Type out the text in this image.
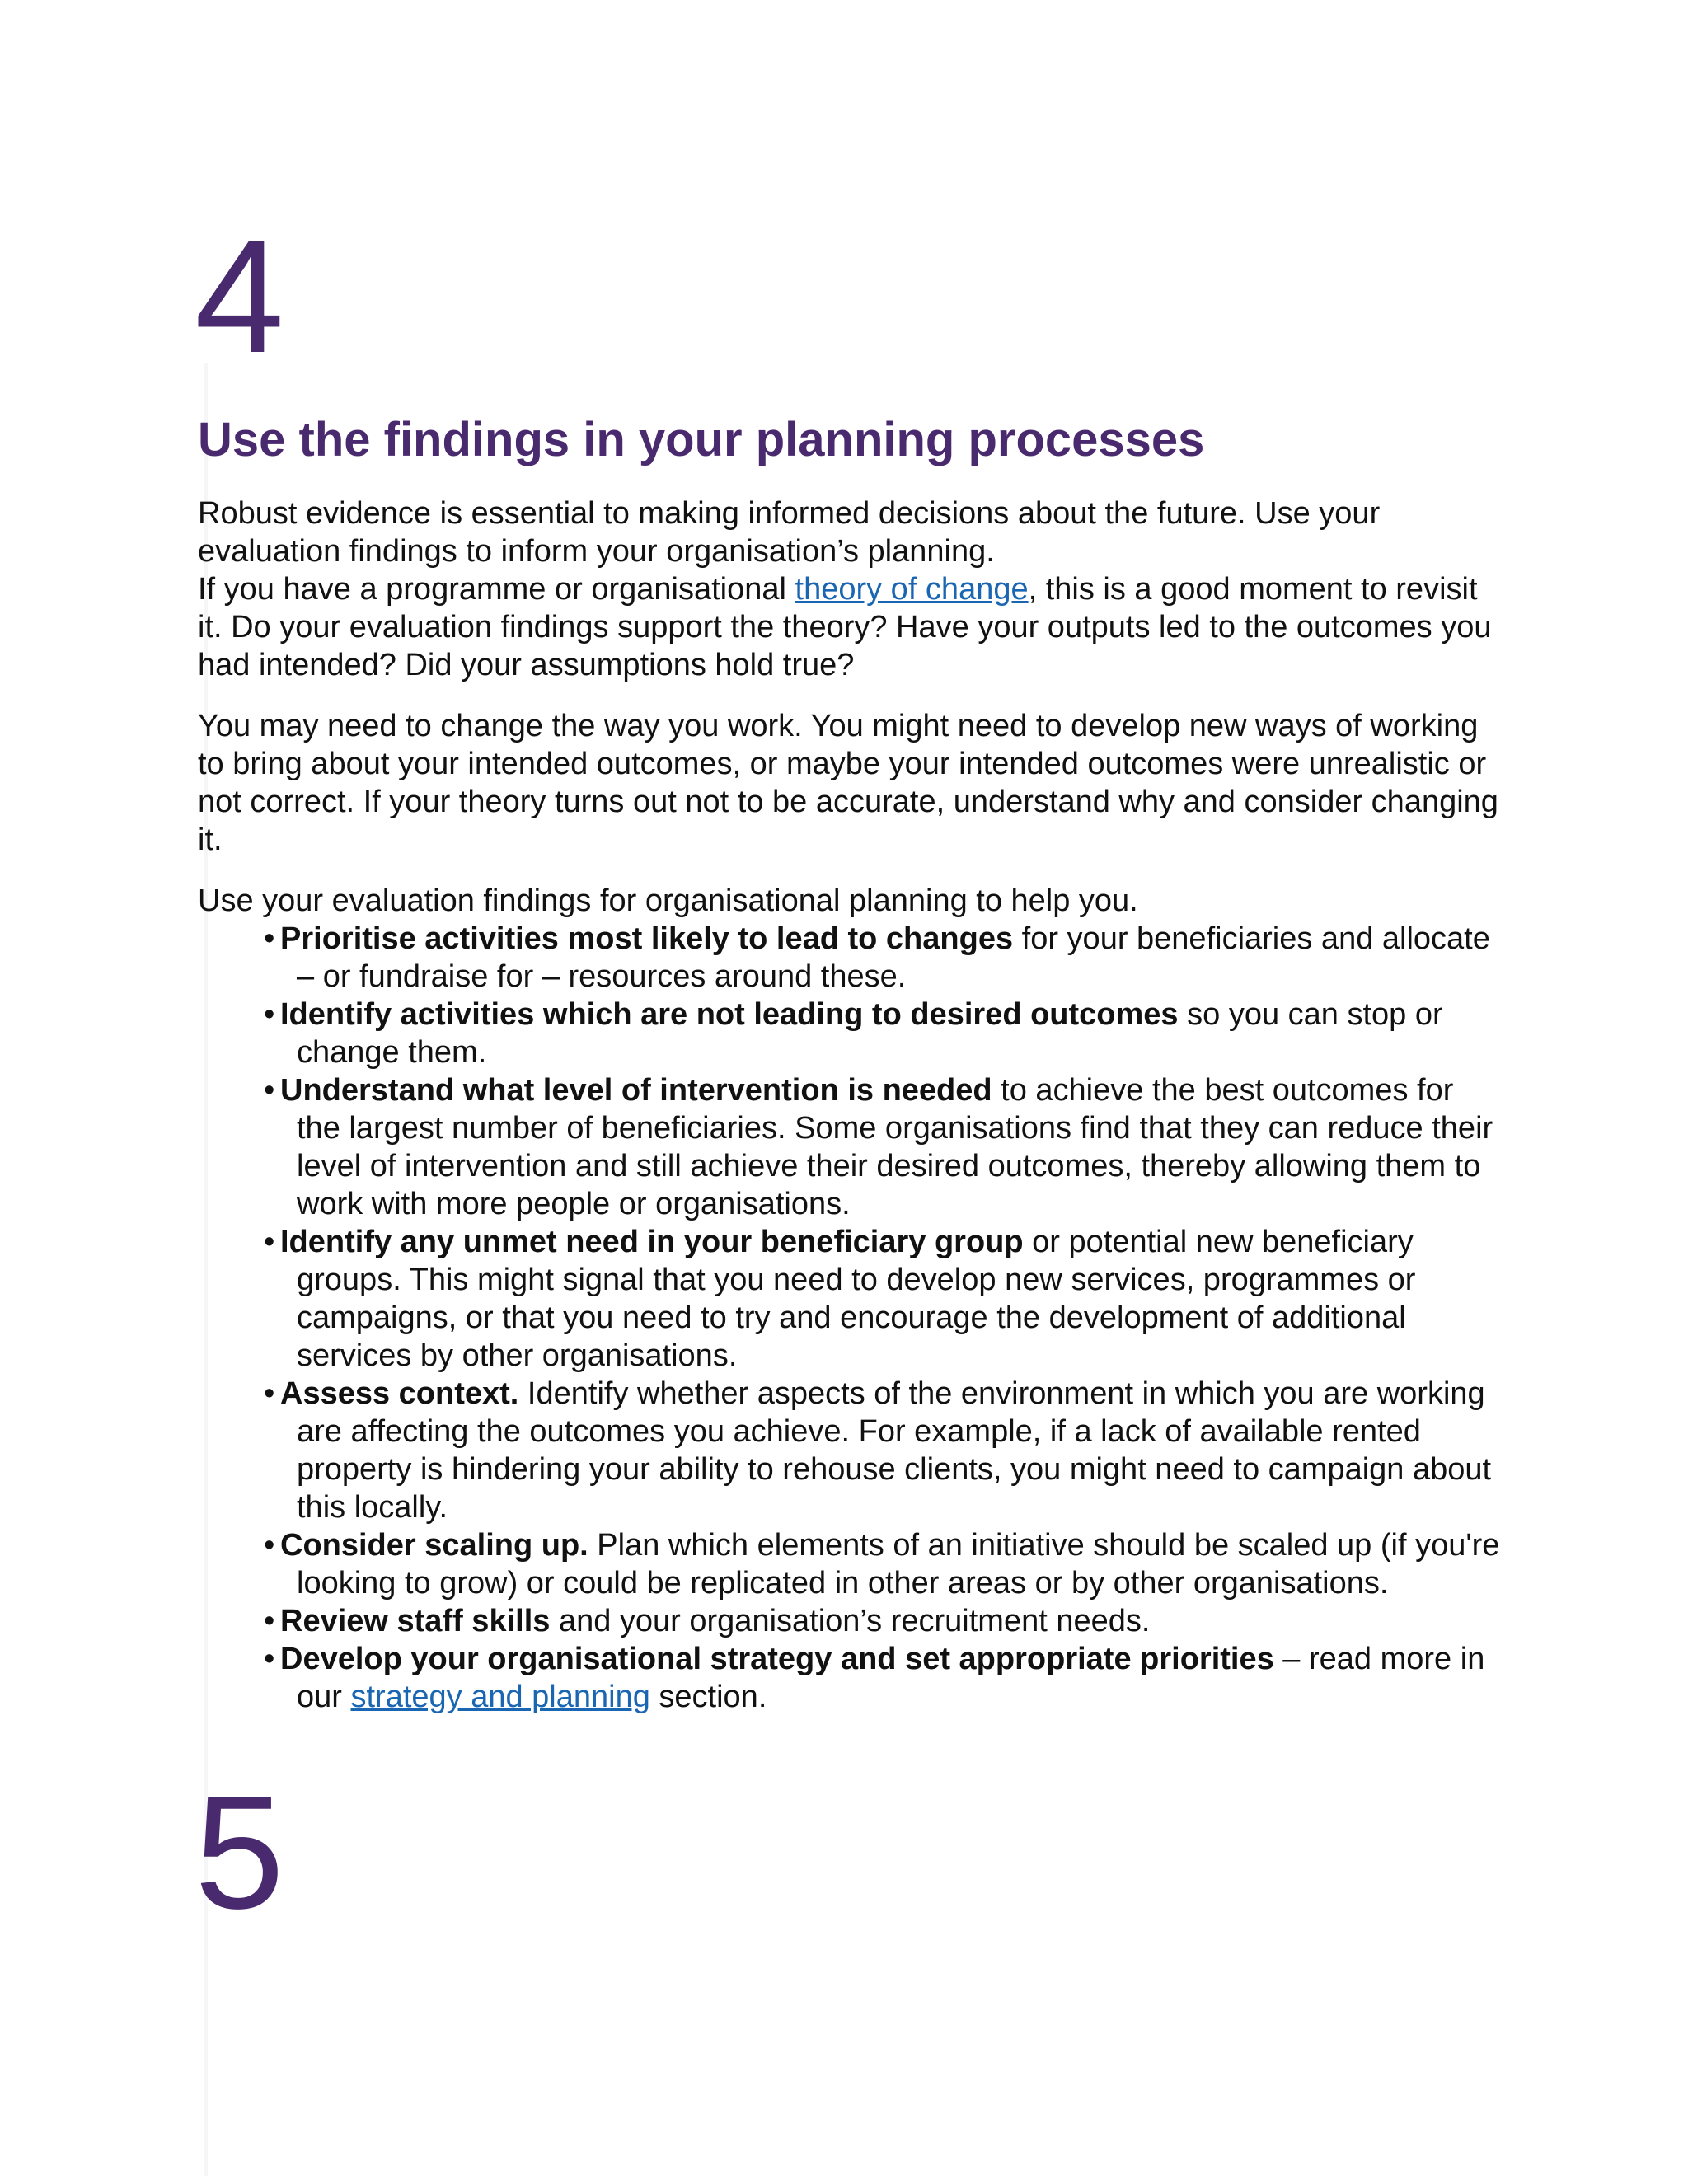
4
Use the findings in your planning processes

Robust evidence is essential to making informed decisions about the future. Use your evaluation findings to inform your organisation’s planning.
If you have a programme or organisational theory of change, this is a good moment to revisit it. Do your evaluation findings support the theory? Have your outputs led to the outcomes you had intended? Did your assumptions hold true?

You may need to change the way you work. You might need to develop new ways of working to bring about your intended outcomes, or maybe your intended outcomes were unrealistic or not correct. If your theory turns out not to be accurate, understand why and consider changing it.

Use your evaluation findings for organisational planning to help you.

• Prioritise activities most likely to lead to changes for your beneficiaries and allocate – or fundraise for – resources around these.
• Identify activities which are not leading to desired outcomes so you can stop or change them.
• Understand what level of intervention is needed to achieve the best outcomes for the largest number of beneficiaries. Some organisations find that they can reduce their level of intervention and still achieve their desired outcomes, thereby allowing them to work with more people or organisations.
• Identify any unmet need in your beneficiary group or potential new beneficiary groups. This might signal that you need to develop new services, programmes or campaigns, or that you need to try and encourage the development of additional services by other organisations.
• Assess context. Identify whether aspects of the environment in which you are working are affecting the outcomes you achieve. For example, if a lack of available rented property is hindering your ability to rehouse clients, you might need to campaign about this locally.
• Consider scaling up. Plan which elements of an initiative should be scaled up (if you're looking to grow) or could be replicated in other areas or by other organisations.
• Review staff skills and your organisation’s recruitment needs.
• Develop your organisational strategy and set appropriate priorities – read more in our strategy and planning section.
5
